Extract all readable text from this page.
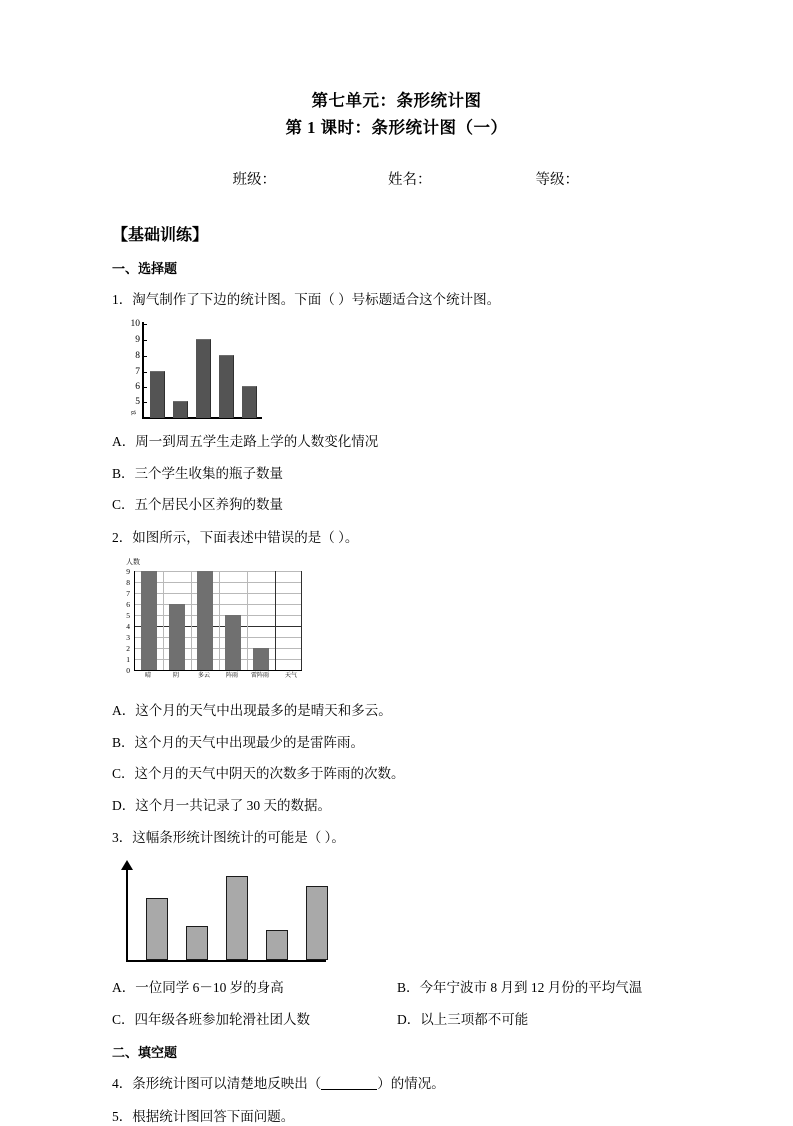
第七单元：条形统计图
第 1 课时：条形统计图（一）

班级：	姓名：	等级：

【基础训练】
一、选择题
1．淘气制作了下边的统计图。下面（ ）号标题适合这个统计图。
10
9
8
7
6
5
≈
A．周一到周五学生走路上学的人数变化情况
B．三个学生收集的瓶子数量
C．五个居民小区养狗的数量
2．如图所示，下面表述中错误的是（ ）。
人数
0
1
2
3
4
5
6
7
8
9
晴	阴	多云	阵雨	雷阵雨	天气
A．这个月的天气中出现最多的是晴天和多云。
B．这个月的天气中出现最少的是雷阵雨。
C．这个月的天气中阴天的次数多于阵雨的次数。
D．这个月一共记录了 30 天的数据。
3．这幅条形统计图统计的可能是（ ）。
A．一位同学 6－10 岁的身高	B．今年宁波市 8 月到 12 月份的平均气温
C．四年级各班参加轮滑社团人数	D．以上三项都不可能
二、填空题
4．条形统计图可以清楚地反映出（	）的情况。
5．根据统计图回答下面问题。
